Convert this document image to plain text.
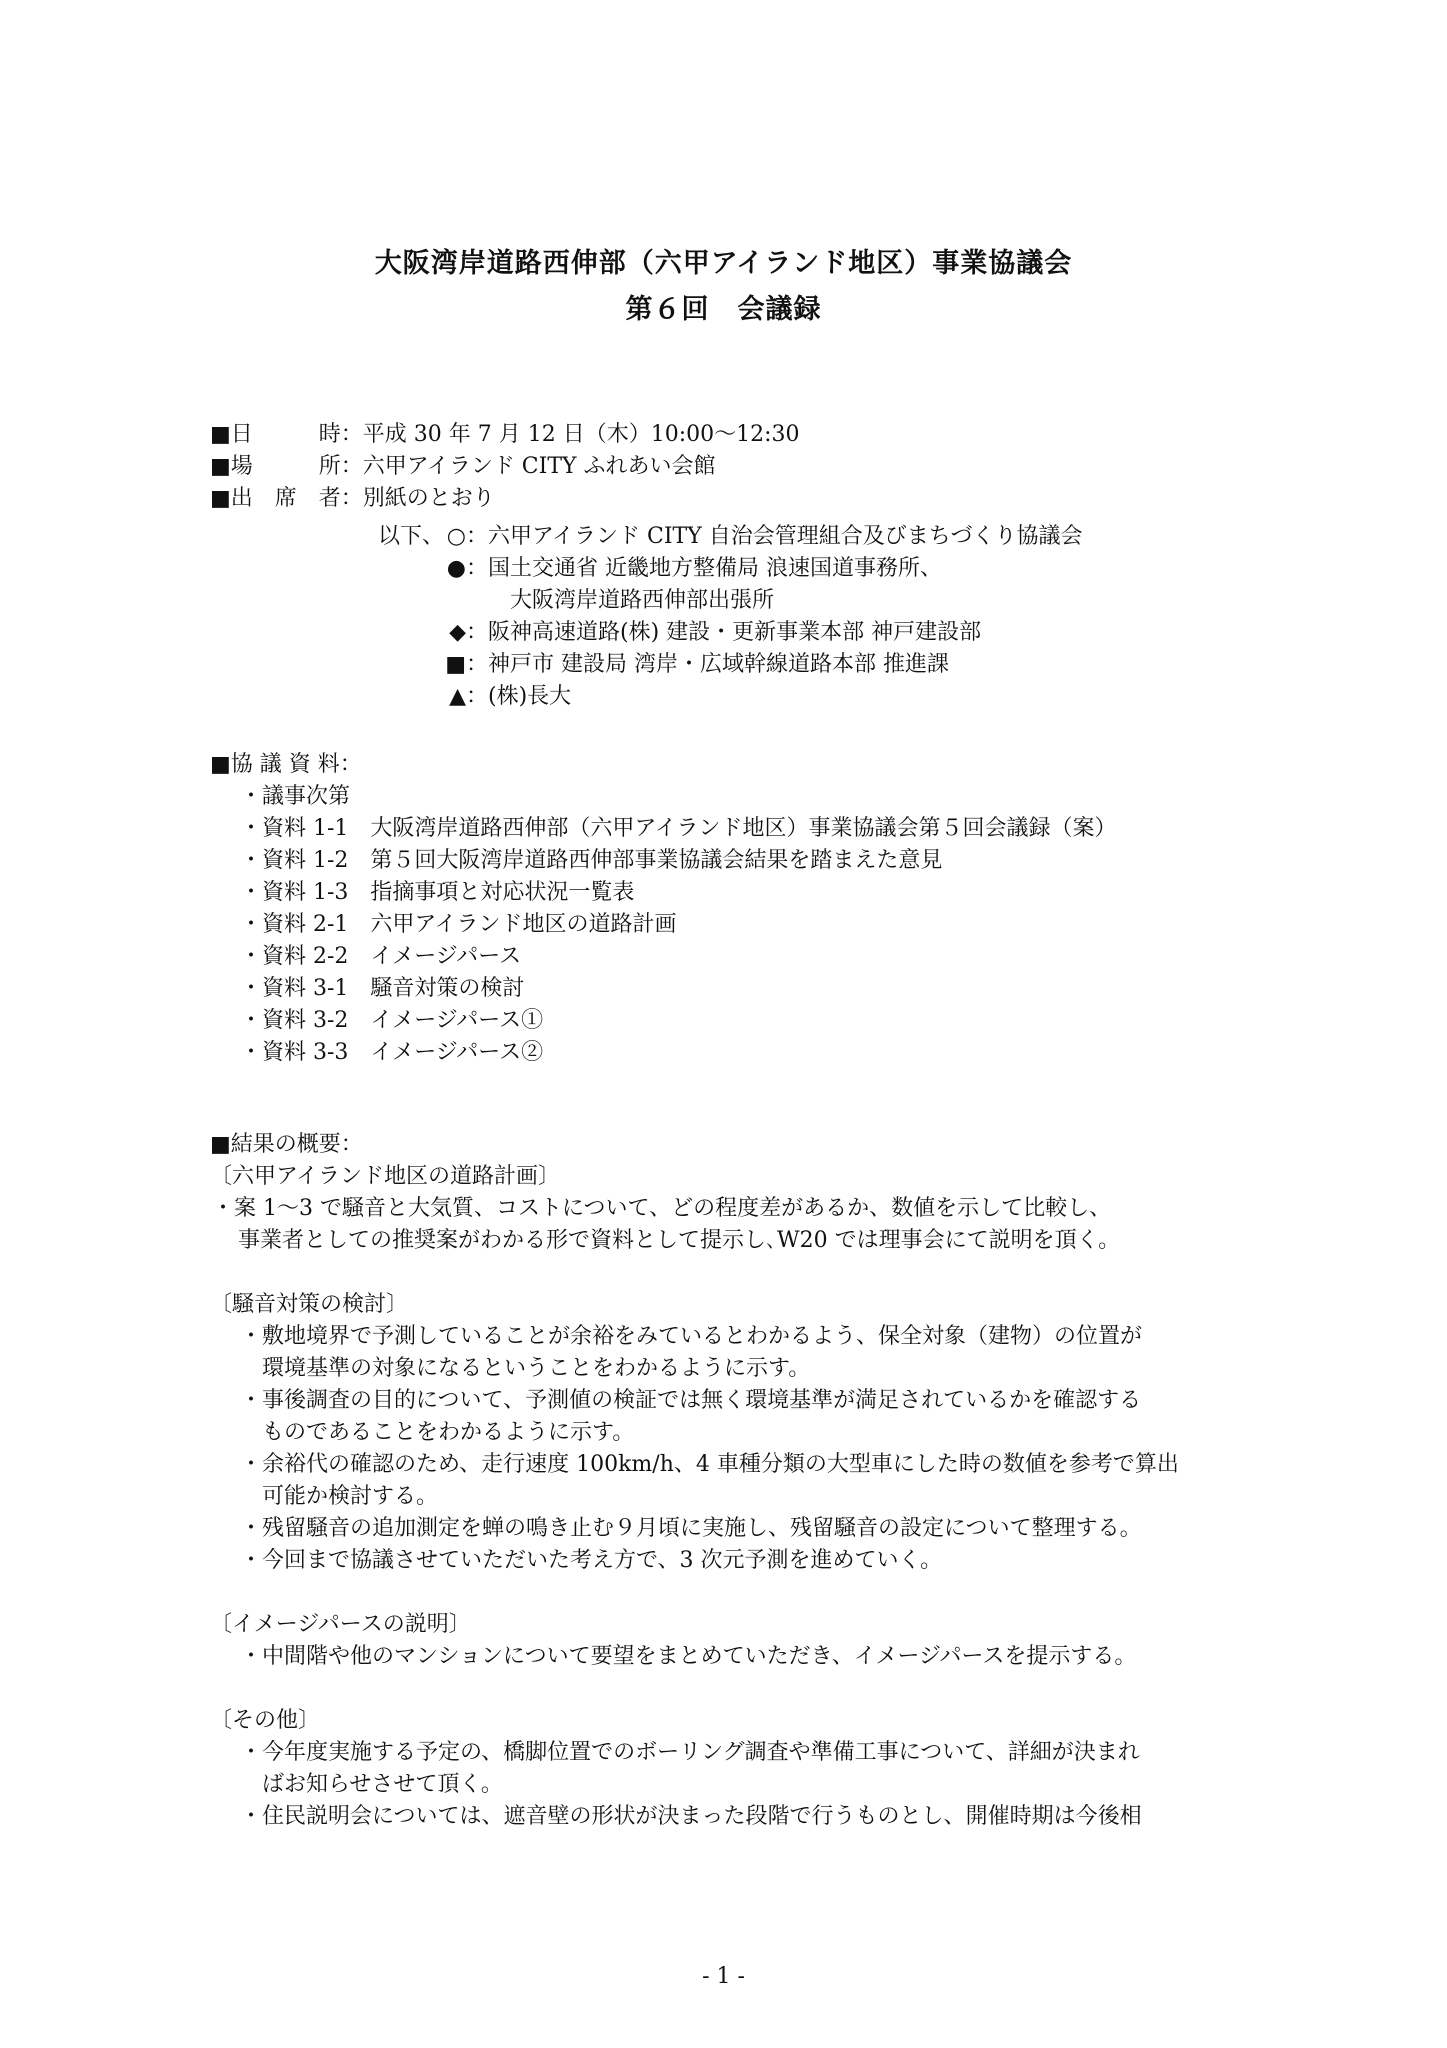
大阪湾岸道路西伸部（六甲アイランド地区）事業協議会
第６回　会議録
■日　　　時：平成 30 年 7 月 12 日（木）10:00～12:30
■場　　　所：六甲アイランド CITY ふれあい会館
■出　席　者：別紙のとおり
以下、 ○：六甲アイランド CITY 自治会管理組合及びまちづくり協議会
●：国土交通省 近畿地方整備局 浪速国道事務所、
大阪湾岸道路西伸部出張所
◆：阪神高速道路(株) 建設・更新事業本部 神戸建設部
■：神戸市 建設局 湾岸・広域幹線道路本部 推進課
▲：(株)長大
■協 議 資 料：
・議事次第
・資料 1-1　大阪湾岸道路西伸部（六甲アイランド地区）事業協議会第５回会議録（案）
・資料 1-2　第５回大阪湾岸道路西伸部事業協議会結果を踏まえた意見
・資料 1-3　指摘事項と対応状況一覧表
・資料 2-1　六甲アイランド地区の道路計画
・資料 2-2　イメージパース
・資料 3-1　騒音対策の検討
・資料 3-2　イメージパース①
・資料 3-3　イメージパース②
■結果の概要：
〔六甲アイランド地区の道路計画〕
・案 1～3 で騒音と大気質、コストについて、どの程度差があるか、数値を示して比較し、
事業者としての推奨案がわかる形で資料として提示し､W20 では理事会にて説明を頂く。
〔騒音対策の検討〕
・敷地境界で予測していることが余裕をみているとわかるよう、保全対象（建物）の位置が
環境基準の対象になるということをわかるように示す。
・事後調査の目的について、予測値の検証では無く環境基準が満足されているかを確認する
ものであることをわかるように示す。
・余裕代の確認のため、走行速度 100km/h、4 車種分類の大型車にした時の数値を参考で算出
可能か検討する。
・残留騒音の追加測定を蝉の鳴き止む９月頃に実施し、残留騒音の設定について整理する。
・今回まで協議させていただいた考え方で、3 次元予測を進めていく。
〔イメージパースの説明〕
・中間階や他のマンションについて要望をまとめていただき、イメージパースを提示する。
〔その他〕
・今年度実施する予定の、橋脚位置でのボーリング調査や準備工事について、詳細が決まれ
ばお知らせさせて頂く。
・住民説明会については、遮音壁の形状が決まった段階で行うものとし、開催時期は今後相
- 1 -
